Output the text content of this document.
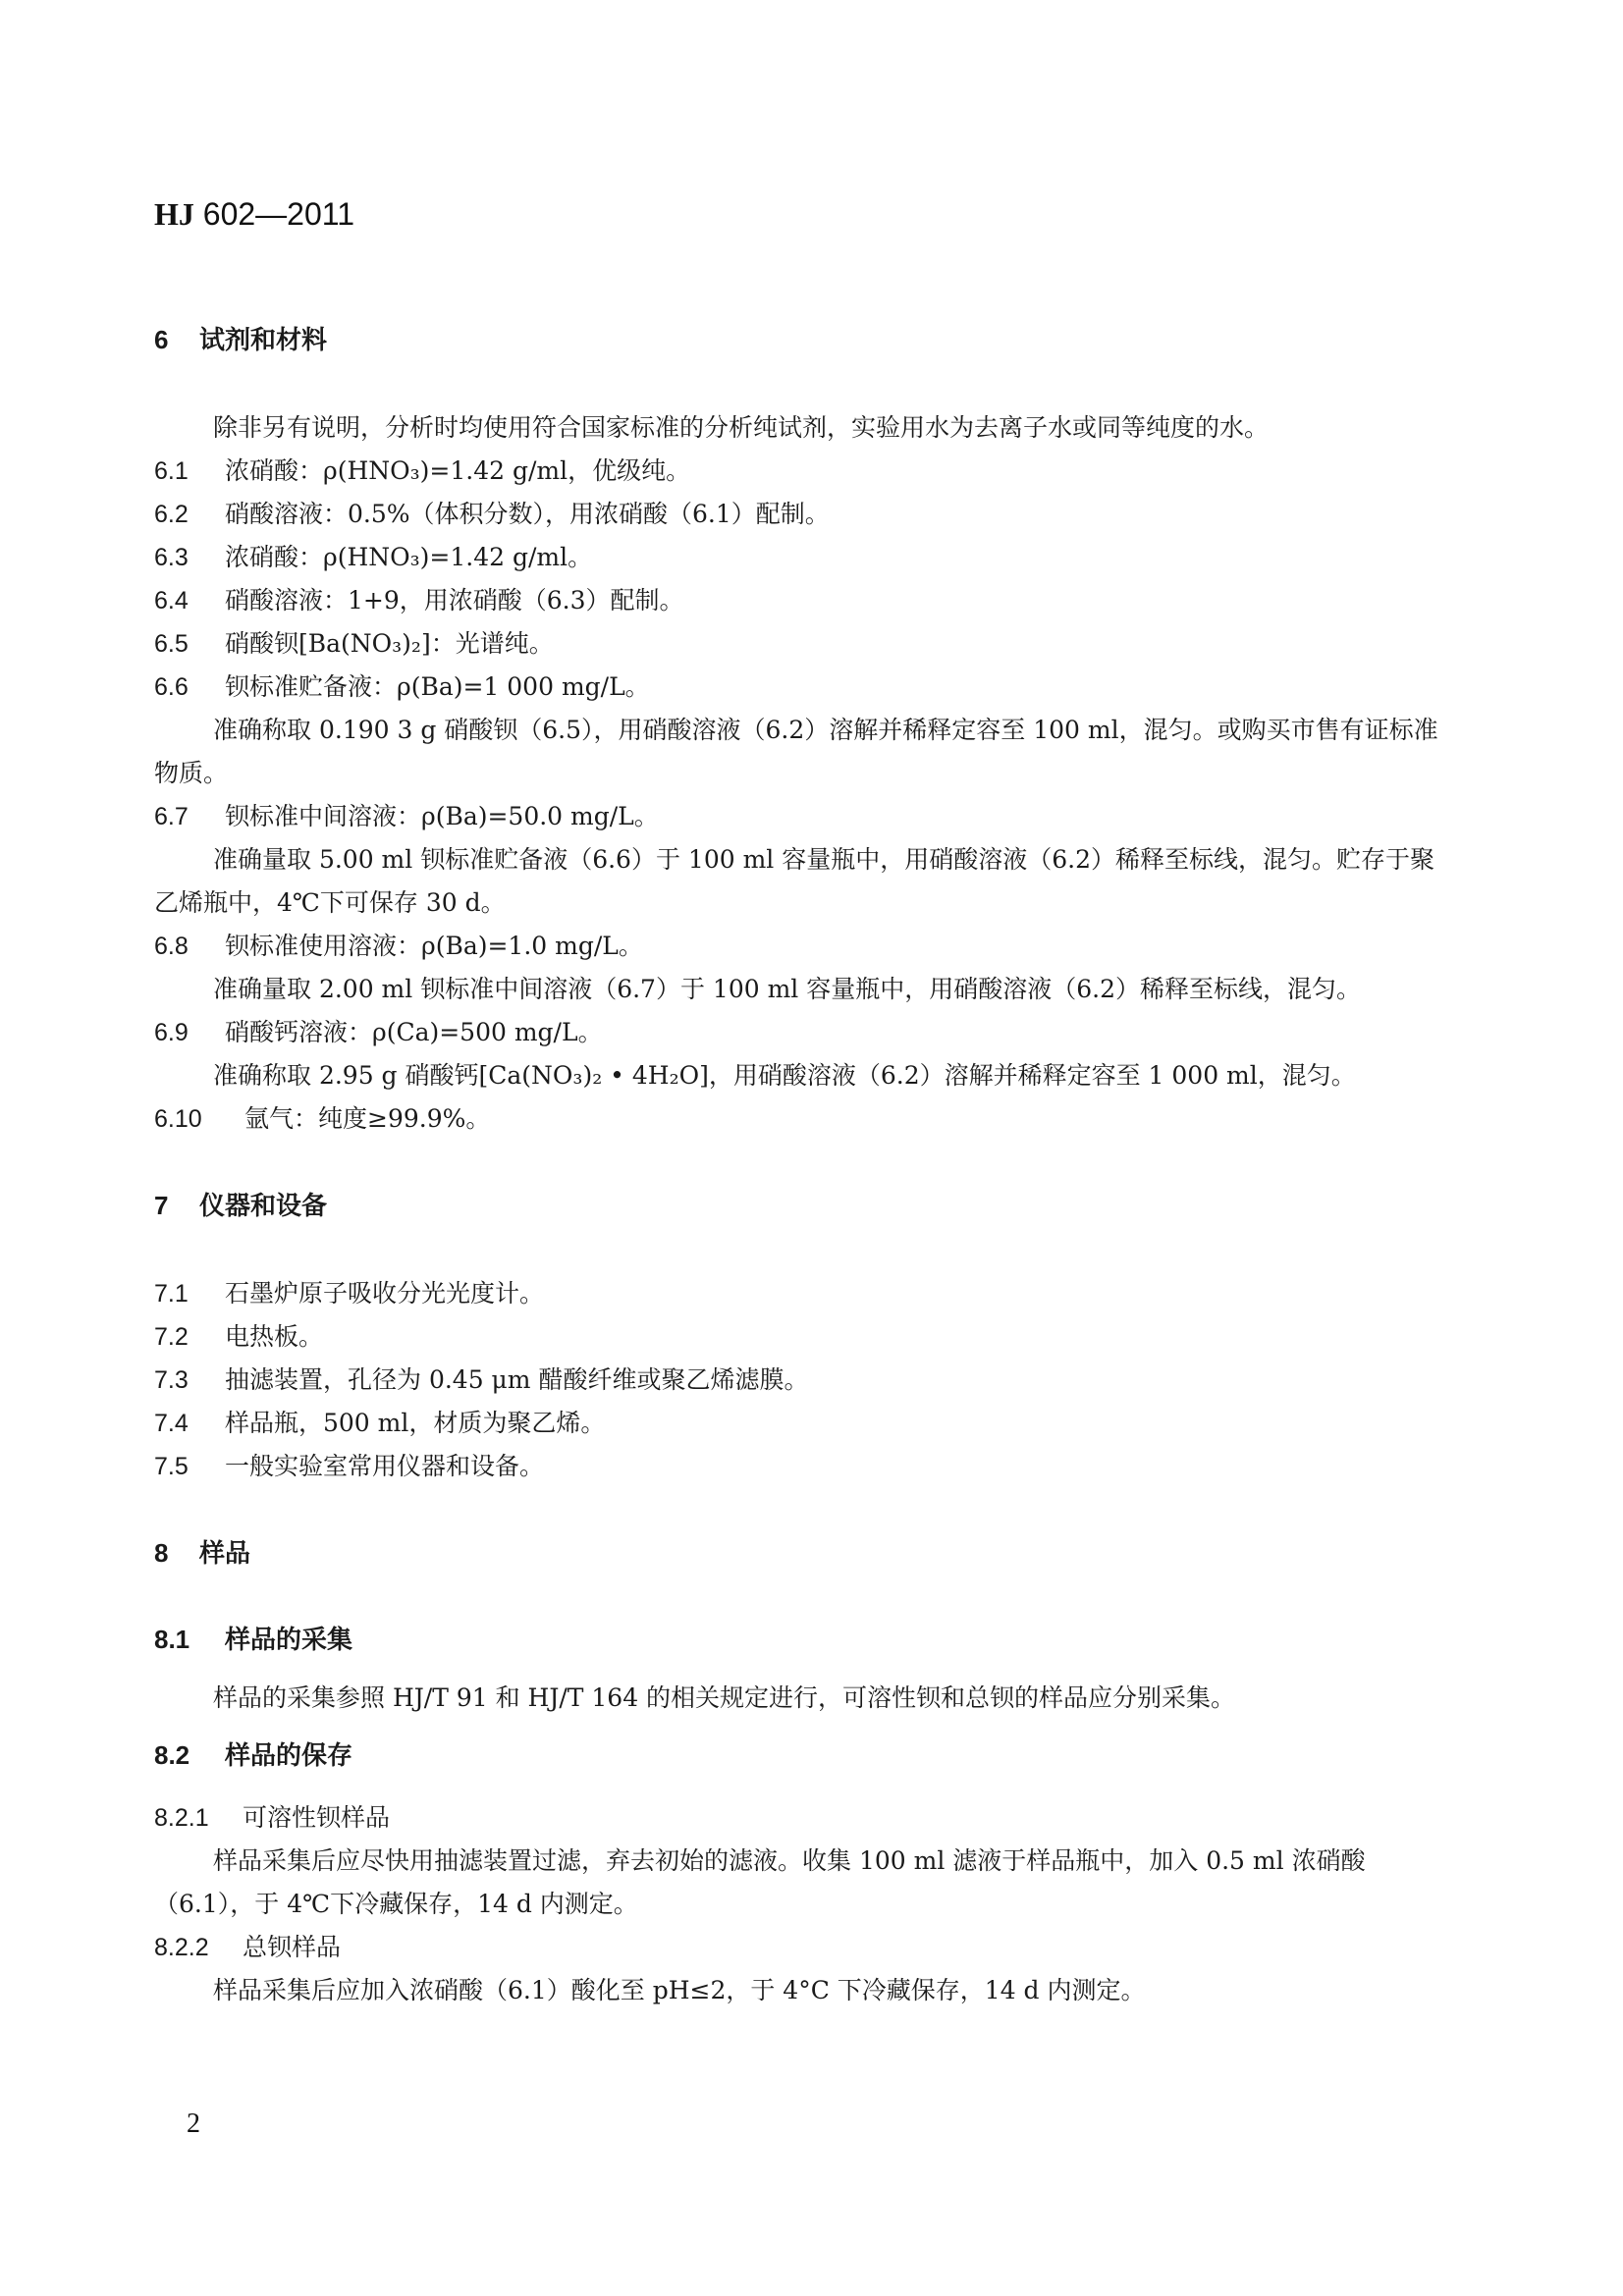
HJ 602—2011
6 试剂和材料
除非另有说明，分析时均使用符合国家标准的分析纯试剂，实验用水为去离子水或同等纯度的水。
6.1 浓硝酸：ρ(HNO₃)=1.42 g/ml，优级纯。
6.2 硝酸溶液：0.5%（体积分数），用浓硝酸（6.1）配制。
6.3 浓硝酸：ρ(HNO₃)=1.42 g/ml。
6.4 硝酸溶液：1+9，用浓硝酸（6.3）配制。
6.5 硝酸钡[Ba(NO₃)₂]：光谱纯。
6.6 钡标准贮备液：ρ(Ba)=1 000 mg/L。
准确称取 0.190 3 g 硝酸钡（6.5），用硝酸溶液（6.2）溶解并稀释定容至 100 ml，混匀。或购买市售有证标准物质。
6.7 钡标准中间溶液：ρ(Ba)=50.0 mg/L。
准确量取 5.00 ml 钡标准贮备液（6.6）于 100 ml 容量瓶中，用硝酸溶液（6.2）稀释至标线，混匀。贮存于聚乙烯瓶中，4℃下可保存 30 d。
6.8 钡标准使用溶液：ρ(Ba)=1.0 mg/L。
准确量取 2.00 ml 钡标准中间溶液（6.7）于 100 ml 容量瓶中，用硝酸溶液（6.2）稀释至标线，混匀。
6.9 硝酸钙溶液：ρ(Ca)=500 mg/L。
准确称取 2.95 g 硝酸钙[Ca(NO₃)₂ • 4H₂O]，用硝酸溶液（6.2）溶解并稀释定容至 1 000 ml，混匀。
6.10 氩气：纯度≥99.9%。
7 仪器和设备
7.1 石墨炉原子吸收分光光度计。
7.2 电热板。
7.3 抽滤装置，孔径为 0.45 μm 醋酸纤维或聚乙烯滤膜。
7.4 样品瓶，500 ml，材质为聚乙烯。
7.5 一般实验室常用仪器和设备。
8 样品
8.1 样品的采集
样品的采集参照 HJ/T 91 和 HJ/T 164 的相关规定进行，可溶性钡和总钡的样品应分别采集。
8.2 样品的保存
8.2.1 可溶性钡样品
样品采集后应尽快用抽滤装置过滤，弃去初始的滤液。收集 100 ml 滤液于样品瓶中，加入 0.5 ml 浓硝酸（6.1），于 4℃下冷藏保存，14 d 内测定。
8.2.2 总钡样品
样品采集后应加入浓硝酸（6.1）酸化至 pH≤2，于 4°C 下冷藏保存，14 d 内测定。
2
